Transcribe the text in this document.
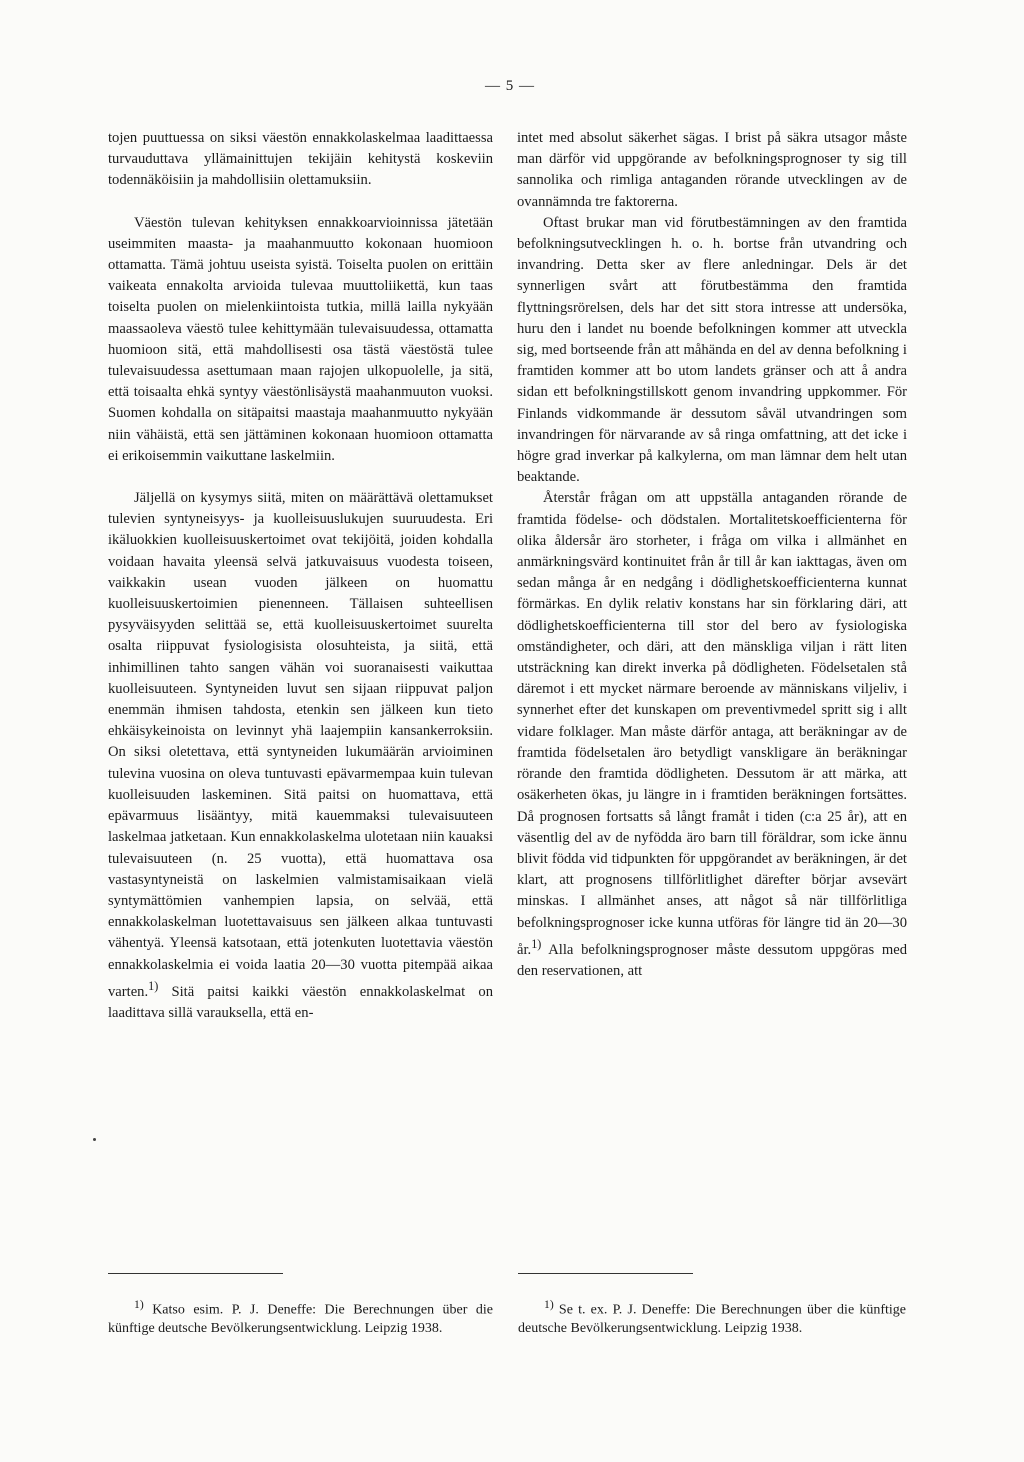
— 5 —

tojen puuttuessa on siksi väestön ennakkolaskelmaa laadittaessa turvauduttava yllämainittujen tekijäin kehitystä koskeviin todennäköisiin ja mahdollisiin olettamuksiin.

Väestön tulevan kehityksen ennakkoarvioinnissa jätetään useimmiten maasta- ja maahanmuutto kokonaan huomioon ottamatta. Tämä johtuu useista syistä. Toiselta puolen on erittäin vaikeata ennakolta arvioida tulevaa muuttoliikettä, kun taas toiselta puolen on mielenkiintoista tutkia, millä lailla nykyään maassaoleva väestö tulee kehittymään tulevaisuudessa, ottamatta huomioon sitä, että mahdollisesti osa tästä väestöstä tulee tulevaisuudessa asettumaan maan rajojen ulkopuolelle, ja sitä, että toisaalta ehkä syntyy väestönlisäystä maahanmuuton vuoksi. Suomen kohdalla on sitäpaitsi maastaja maahanmuutto nykyään niin vähäistä, että sen jättäminen kokonaan huomioon ottamatta ei erikoisemmin vaikuttane laskelmiin.

Jäljellä on kysymys siitä, miten on määrättävä olettamukset tulevien syntyneisyys- ja kuolleisuuslukujen suuruudesta. Eri ikäluokkien kuolleisuuskertoimet ovat tekijöitä, joiden kohdalla voidaan havaita yleensä selvä jatkuvaisuus vuodesta toiseen, vaikkakin usean vuoden jälkeen on huomattu kuolleisuuskertoimien pienenneen. Tällaisen suhteellisen pysyväisyyden selittää se, että kuolleisuuskertoimet suurelta osalta riippuvat fysiologisista olosuhteista, ja siitä, että inhimillinen tahto sangen vähän voi suoranaisesti vaikuttaa kuolleisuuteen. Syntyneiden luvut sen sijaan riippuvat paljon enemmän ihmisen tahdosta, etenkin sen jälkeen kun tieto ehkäisykeinoista on levinnyt yhä laajempiin kansankerroksiin. On siksi oletettava, että syntyneiden lukumäärän arvioiminen tulevina vuosina on oleva tuntuvasti epävarmempaa kuin tulevan kuolleisuuden laskeminen. Sitä paitsi on huomattava, että epävarmuus lisääntyy, mitä kauemmaksi tulevaisuuteen laskelmaa jatketaan. Kun ennakkolaskelma ulotetaan niin kauaksi tulevaisuuteen (n. 25 vuotta), että huomattava osa vastasyntyneistä on laskelmien valmistamisaikaan vielä syntymättömien vanhempien lapsia, on selvää, että ennakkolaskelman luotettavaisuus sen jälkeen alkaa tuntuvasti vähentyä. Yleensä katsotaan, että jotenkuten luotettavia väestön ennakkolaskelmia ei voida laatia 20—30 vuotta pitempää aikaa varten.$^{1)}$ Sitä paitsi kaikki väestön ennakkolaskelmat on laadittava sillä varauksella, että en-

intet med absolut säkerhet sägas. I brist på säkra utsagor måste man därför vid uppgörande av befolkningsprognoser ty sig till sannolika och rimliga antaganden rörande utvecklingen av de ovannämnda tre faktorerna.

Oftast brukar man vid förutbestämningen av den framtida befolkningsutvecklingen h. o. h. bortse från utvandring och invandring. Detta sker av flere anledningar. Dels är det synnerligen svårt att förutbestämma den framtida flyttningsrörelsen, dels har det sitt stora intresse att undersöka, huru den i landet nu boende befolkningen kommer att utveckla sig, med bortseende från att måhända en del av denna befolkning i framtiden kommer att bo utom landets gränser och att å andra sidan ett befolkningstillskott genom invandring uppkommer. För Finlands vidkommande är dessutom såväl utvandringen som invandringen för närvarande av så ringa omfattning, att det icke i högre grad inverkar på kalkylerna, om man lämnar dem helt utan beaktande.

Återstår frågan om att uppställa antaganden rörande de framtida födelse- och dödstalen. Mortalitetskoefficienterna för olika åldersår äro storheter, i fråga om vilka i allmänhet en anmärkningsvärd kontinuitet från år till år kan iakttagas, även om sedan många år en nedgång i dödlighetskoefficienterna kunnat förmärkas. En dylik relativ konstans har sin förklaring däri, att dödlighetskoefficienterna till stor del bero av fysiologiska omständigheter, och däri, att den mänskliga viljan i rätt liten utsträckning kan direkt inverka på dödligheten. Födelsetalen stå däremot i ett mycket närmare beroende av människans viljeliv, i synnerhet efter det kunskapen om preventivmedel spritt sig i allt vidare folklager. Man måste därför antaga, att beräkningar av de framtida födelsetalen äro betydligt vanskligare än beräkningar rörande den framtida dödligheten. Dessutom är att märka, att osäkerheten ökas, ju längre in i framtiden beräkningen fortsättes. Då prognosen fortsatts så långt framåt i tiden (c:a 25 år), att en väsentlig del av de nyfödda äro barn till föräldrar, som icke ännu blivit födda vid tidpunkten för uppgörandet av beräkningen, är det klart, att prognosens tillförlitlighet därefter börjar avsevärt minskas. I allmänhet anses, att något så när tillförlitliga befolkningsprognoser icke kunna utföras för längre tid än 20—30 år.$^{1)}$ Alla befolkningsprognoser måste dessutom uppgöras med den reservationen, att

$^{1)}$ Katso esim. P. J. Deneffe: Die Berechnungen über die künftige deutsche Bevölkerungsentwicklung. Leipzig 1938.
$^{1)}$ Se t. ex. P. J. Deneffe: Die Berechnungen über die künftige deutsche Bevölkerungsentwicklung. Leipzig 1938.
